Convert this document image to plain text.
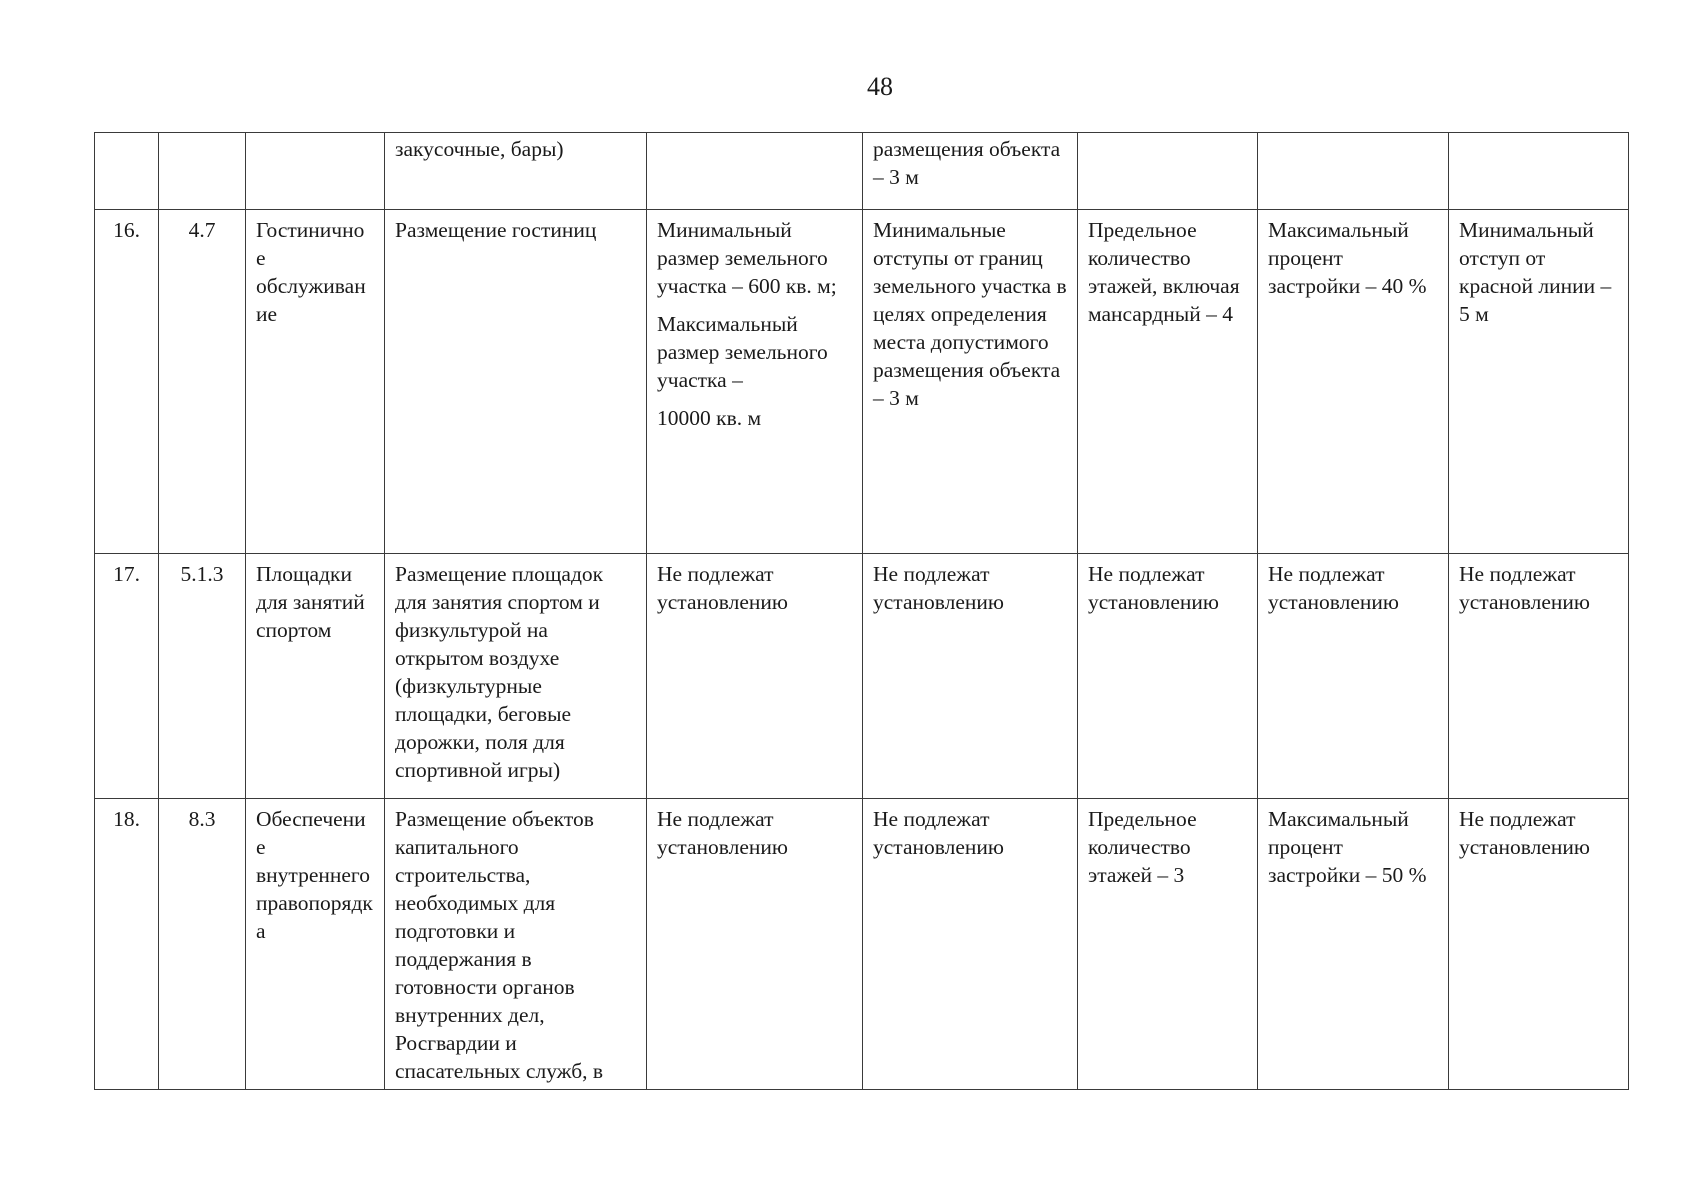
48
			закусочные, бары)		размещения объекта – 3 м			
16.	4.7	Гостиничное обслуживание	Размещение гостиниц	Минимальный размер земельного участка – 600 кв. м;
Максимальный размер земельного участка –
10000 кв. м	Минимальные отступы от границ земельного участка в целях определения места допустимого размещения объекта – 3 м	Предельное количество этажей, включая мансардный – 4	Максимальный процент застройки – 40 %	Минимальный отступ от красной линии – 5 м
17.	5.1.3	Площадки для занятий спортом	Размещение площадок для занятия спортом и физкультурой на открытом воздухе (физкультурные площадки, беговые дорожки, поля для спортивной игры)	Не подлежат установлению	Не подлежат установлению	Не подлежат установлению	Не подлежат установлению	Не подлежат установлению
18.	8.3	Обеспечение внутреннего правопорядка	Размещение объектов капитального строительства, необходимых для подготовки и поддержания в готовности органов внутренних дел, Росгвардии и спасательных служб, в	Не подлежат установлению	Не подлежат установлению	Предельное количество этажей – 3	Максимальный процент застройки – 50 %	Не подлежат установлению
